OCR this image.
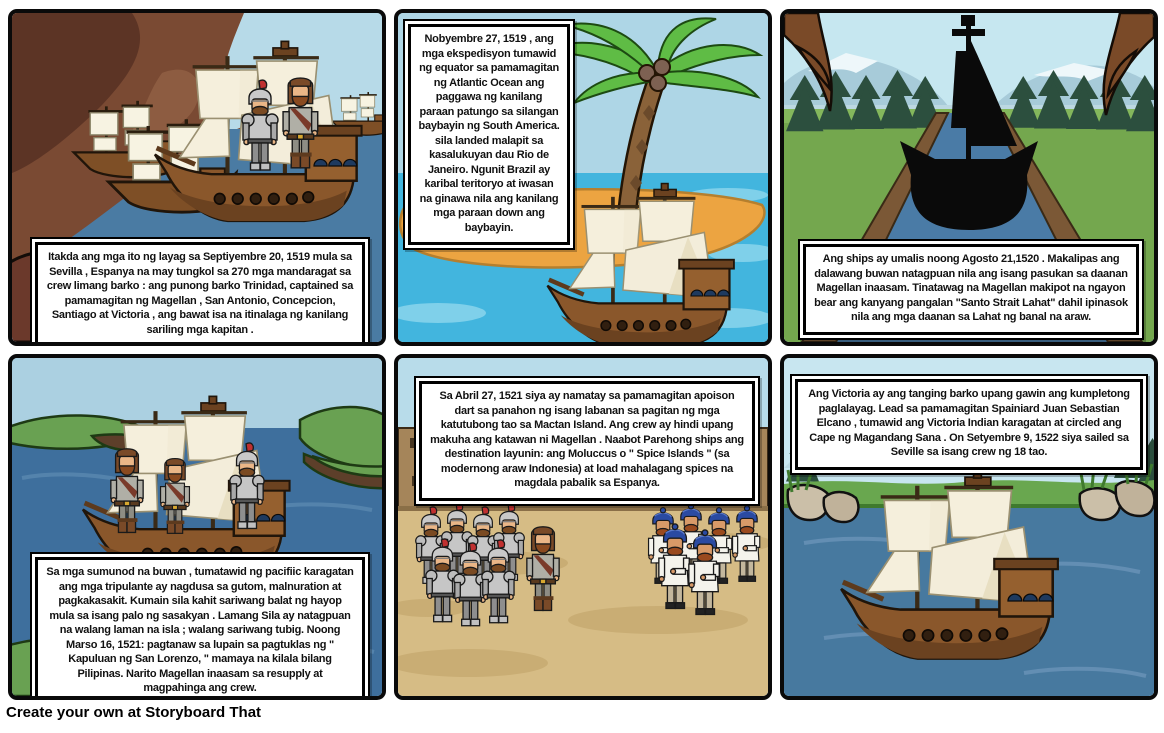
Itakda ang mga ito ng layag sa Septiyembre 20, 1519 mula sa Sevilla , Espanya na may tungkol sa 270 mga mandaragat sa crew limang barko : ang punong barko Trinidad, captained sa pamamagitan ng Magellan , San Antonio, Concepcion, Santiago at Victoria , ang bawat isa na itinalaga ng kanilang sariling mga kapitan .
Nobyembre 27, 1519 , ang mga ekspedisyon tumawid ng equator sa pamamagitan ng Atlantic Ocean ang paggawa ng kanilang paraan patungo sa silangan baybayin ng South America. sila landed malapit sa kasalukuyan dau Rio de Janeiro. Ngunit Brazil ay karibal teritoryo at iwasan na ginawa nila ang kanilang mga paraan down ang baybayin.
Ang ships ay umalis noong Agosto 21,1520 . Makalipas ang dalawang buwan natagpuan nila ang isang pasukan sa daanan Magellan inaasam. Tinatawag na Magellan makipot na ngayon bear ang kanyang pangalan "Santo Strait Lahat" dahil ipinasok nila ang mga daanan sa Lahat ng banal na araw.
Sa mga sumunod na buwan , tumatawid ng pacifiic karagatan ang mga tripulante ay nagdusa sa gutom, malnuration at pagkakasakit. Kumain sila kahit sariwang balat ng hayop mula sa isang palo ng sasakyan . Lamang Sila ay natagpuan na walang laman na isla ; walang sariwang tubig. Noong Marso 16, 1521: pagtanaw sa lupain sa pagtuklas ng " Kapuluan ng San Lorenzo, " mamaya na kilala bilang Pilipinas. Narito Magellan inaasam sa resupply at magpahinga ang crew.
Sa Abril 27, 1521 siya ay namatay sa pamamagitan apoison dart sa panahon ng isang labanan sa pagitan ng mga katutubong tao sa Mactan Island. Ang crew ay hindi upang makuha ang katawan ni Magellan . Naabot Parehong ships ang destination layunin: ang Moluccus o " Spice Islands " (sa modernong araw Indonesia) at load mahalagang spices na magdala pabalik sa Espanya.
Ang Victoria ay ang tanging barko upang gawin ang kumpletong paglalayag. Lead sa pamamagitan Spainiard Juan Sebastian Elcano , tumawid ang Victoria Indian karagatan at circled ang Cape ng Magandang Sana . On Setyembre 9, 1522 siya sailed sa Seville sa isang crew ng 18 tao.
Create your own at Storyboard That
